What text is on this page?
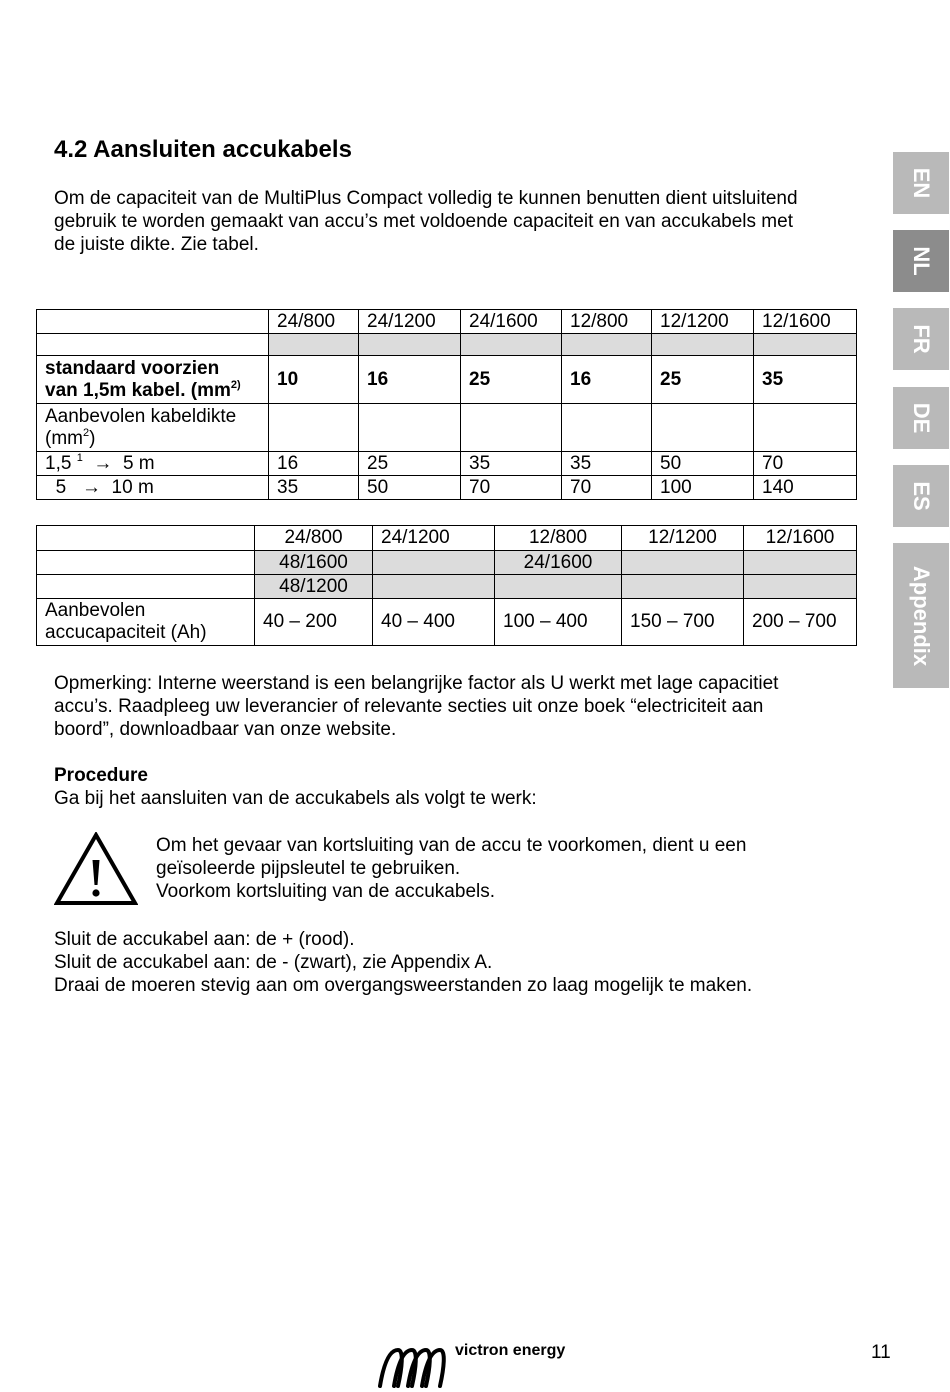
4.2 Aansluiten accukabels

Om de capaciteit van de MultiPlus Compact volledig te kunnen benutten dient uitsluitend
gebruik te worden gemaakt van accu’s met voldoende capaciteit en van accukabels met
de juiste dikte. Zie tabel.

EN
NL
FR
DE
ES
Appendix
	24/800	24/1200	24/1600	12/800	12/1200	12/1600

standaard voorzien
van 1,5m kabel. ($mm^{2)}$	10	16	25	16	25	35

Aanbevolen kabeldikte
$(mm^2)$						

1,5 $^1$ → 5 m	16	25	35	35	50	70
5 → 10 m	35	50	70	70	100	140
	24/800	24/1200	12/800	12/1200	12/1600
	48/1600		24/1600		
	48/1200				

Aanbevolen
accucapaciteit (Ah)	40 – 200	40 – 400	100 – 400	150 – 700	200 – 700

Opmerking: Interne weerstand is een belangrijke factor als U werkt met lage capacitiet
accu’s. Raadpleeg uw leverancier of relevante secties uit onze boek “electriciteit aan
boord”, downloadbaar van onze website.

Procedure

Ga bij het aansluiten van de accukabels als volgt te werk:

Om het gevaar van kortsluiting van de accu te voorkomen, dient u een
geïsoleerde pijpsleutel te gebruiken.
Voorkom kortsluiting van de accukabels.

Sluit de accukabel aan: de + (rood).
Sluit de accukabel aan: de - (zwart), zie Appendix A.
Draai de moeren stevig aan om overgangsweerstanden zo laag mogelijk te maken.

victron energy	11
